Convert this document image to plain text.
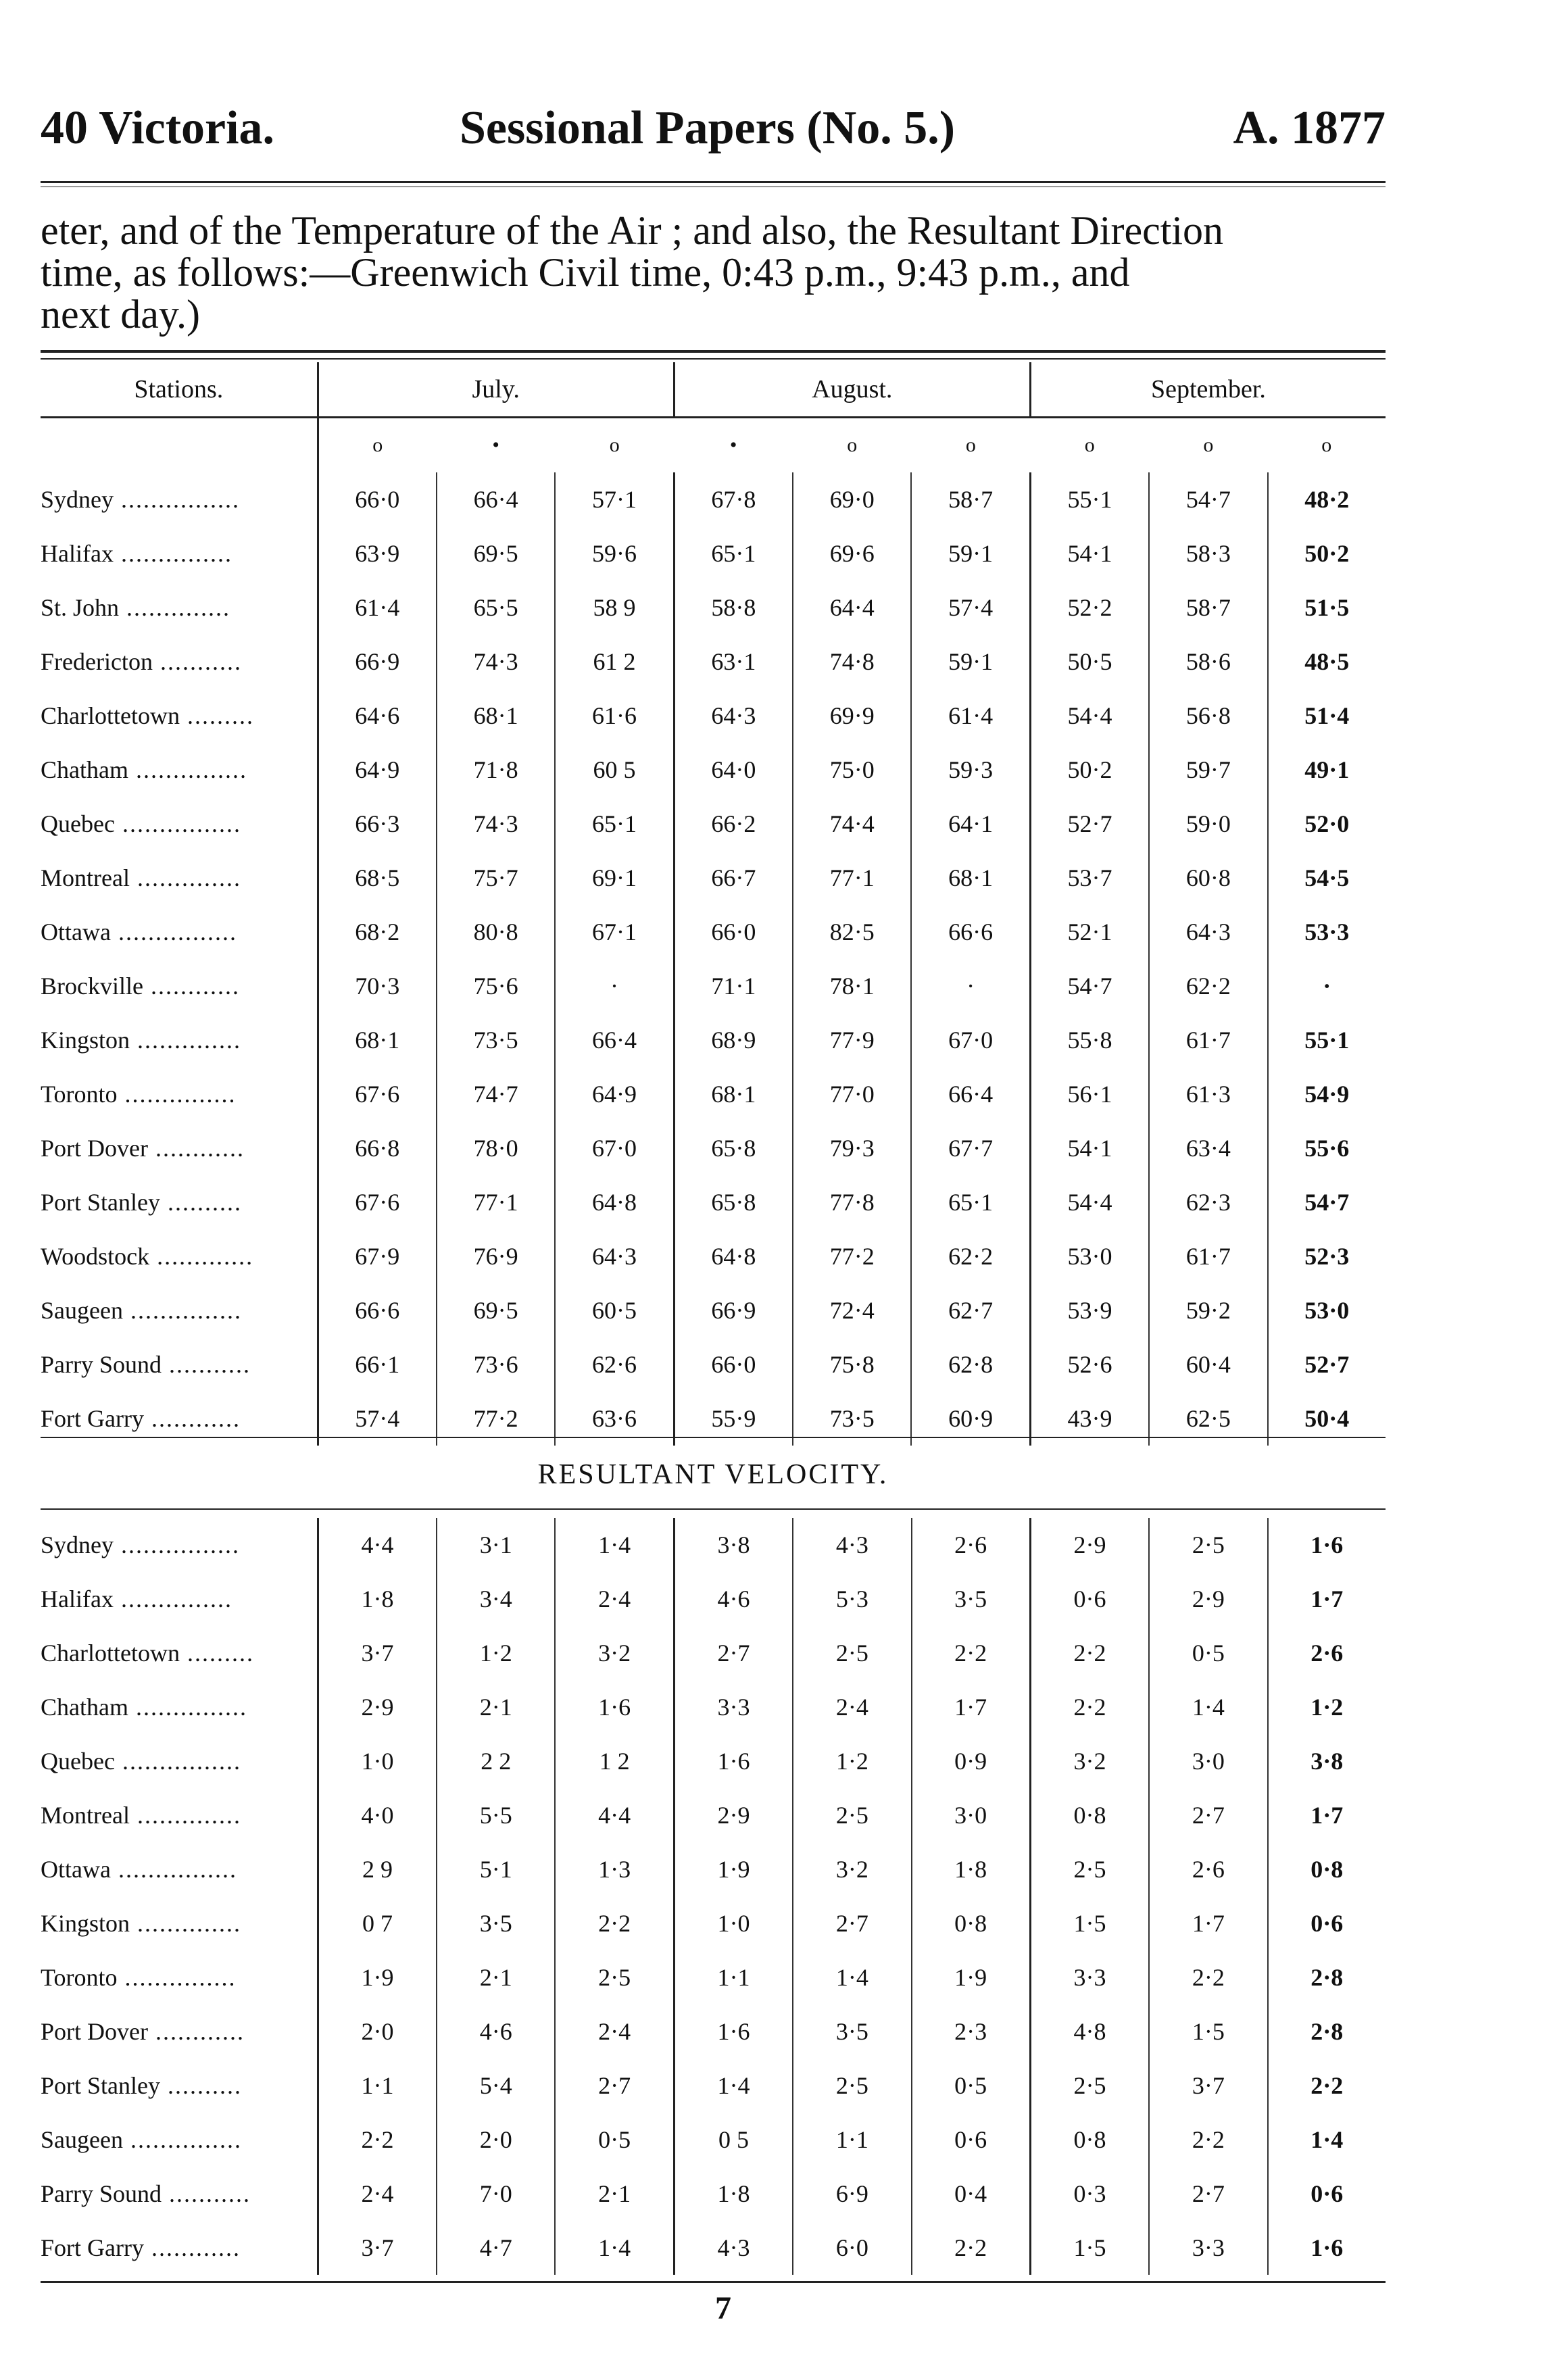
40 Victoria.	Sessional Papers (No. 5.)	A. 1877
eter, and of the Temperature of the Air ; and also, the Resultant Direction
time, as follows:—Greenwich Civil time, 0:43 p.m., 9:43 p.m., and
next day.)
Stations.	July.			August.			September.		
	o	•	o	•	o	o	o	o	o
Sydney ................	66·0	66·4	57·1	67·8	69·0	58·7	55·1	54·7	48·2
Halifax ...............	63·9	69·5	59·6	65·1	69·6	59·1	54·1	58·3	50·2
St. John ..............	61·4	65·5	58 9	58·8	64·4	57·4	52·2	58·7	51·5
Fredericton ...........	66·9	74·3	61 2	63·1	74·8	59·1	50·5	58·6	48·5
Charlottetown .........	64·6	68·1	61·6	64·3	69·9	61·4	54·4	56·8	51·4
Chatham ...............	64·9	71·8	60 5	64·0	75·0	59·3	50·2	59·7	49·1
Quebec ................	66·3	74·3	65·1	66·2	74·4	64·1	52·7	59·0	52·0
Montreal ..............	68·5	75·7	69·1	66·7	77·1	68·1	53·7	60·8	54·5
Ottawa ................	68·2	80·8	67·1	66·0	82·5	66·6	52·1	64·3	53·3
Brockville ............	70·3	75·6	·	71·1	78·1	·	54·7	62·2	·
Kingston ..............	68·1	73·5	66·4	68·9	77·9	67·0	55·8	61·7	55·1
Toronto ...............	67·6	74·7	64·9	68·1	77·0	66·4	56·1	61·3	54·9
Port Dover ............	66·8	78·0	67·0	65·8	79·3	67·7	54·1	63·4	55·6
Port Stanley ..........	67·6	77·1	64·8	65·8	77·8	65·1	54·4	62·3	54·7
Woodstock .............	67·9	76·9	64·3	64·8	77·2	62·2	53·0	61·7	52·3
Saugeen ...............	66·6	69·5	60·5	66·9	72·4	62·7	53·9	59·2	53·0
Parry Sound ...........	66·1	73·6	62·6	66·0	75·8	62·8	52·6	60·4	52·7
Fort Garry ............	57·4	77·2	63·6	55·9	73·5	60·9	43·9	62·5	50·4
RESULTANT VELOCITY.
Sydney ................	4·4	3·1	1·4	3·8	4·3	2·6	2·9	2·5	1·6
Halifax ...............	1·8	3·4	2·4	4·6	5·3	3·5	0·6	2·9	1·7
Charlottetown .........	3·7	1·2	3·2	2·7	2·5	2·2	2·2	0·5	2·6
Chatham ...............	2·9	2·1	1·6	3·3	2·4	1·7	2·2	1·4	1·2
Quebec ................	1·0	2 2	1 2	1·6	1·2	0·9	3·2	3·0	3·8
Montreal ..............	4·0	5·5	4·4	2·9	2·5	3·0	0·8	2·7	1·7
Ottawa ................	2 9	5·1	1·3	1·9	3·2	1·8	2·5	2·6	0·8
Kingston ..............	0 7	3·5	2·2	1·0	2·7	0·8	1·5	1·7	0·6
Toronto ...............	1·9	2·1	2·5	1·1	1·4	1·9	3·3	2·2	2·8
Port Dover ............	2·0	4·6	2·4	1·6	3·5	2·3	4·8	1·5	2·8
Port Stanley ..........	1·1	5·4	2·7	1·4	2·5	0·5	2·5	3·7	2·2
Saugeen ...............	2·2	2·0	0·5	0 5	1·1	0·6	0·8	2·2	1·4
Parry Sound ...........	2·4	7·0	2·1	1·8	6·9	0·4	0·3	2·7	0·6
Fort Garry ............	3·7	4·7	1·4	4·3	6·0	2·2	1·5	3·3	1·6
7
